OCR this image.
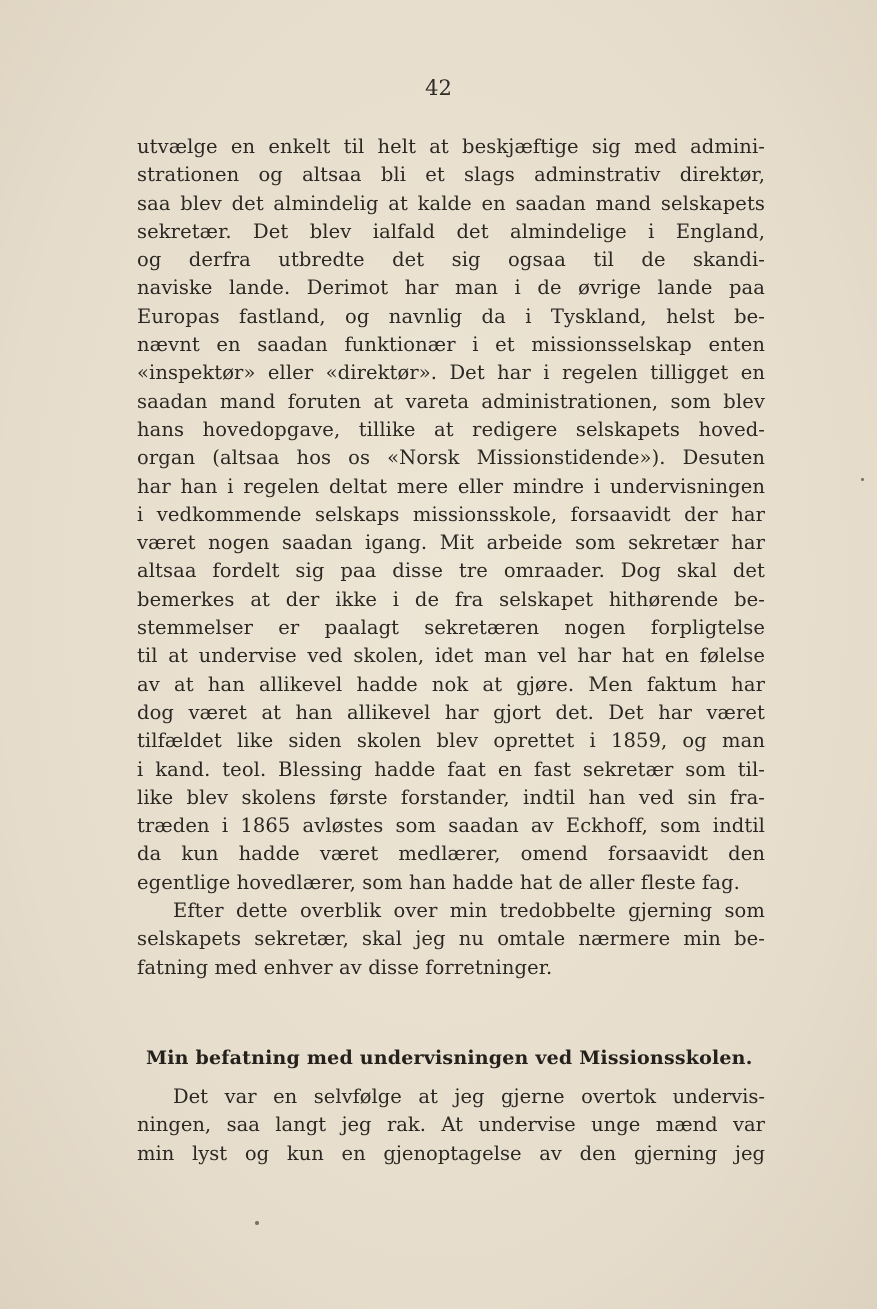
42
utvælge en enkelt til helt at beskjæftige sig med admini-
strationen og altsaa bli et slags adminstrativ direktør,
saa blev det almindelig at kalde en saadan mand selskapets
sekretær. Det blev ialfald det almindelige i England,
og derfra utbredte det sig ogsaa til de skandi-
naviske lande. Derimot har man i de øvrige lande paa
Europas fastland, og navnlig da i Tyskland, helst be-
nævnt en saadan funktionær i et missionsselskap enten
«inspektør» eller «direktør». Det har i regelen tilligget en
saadan mand foruten at vareta administrationen, som blev
hans hovedopgave, tillike at redigere selskapets hoved-
organ (altsaa hos os «Norsk Missionstidende»). Desuten
har han i regelen deltat mere eller mindre i undervisningen
i vedkommende selskaps missionsskole, forsaavidt der har
været nogen saadan igang. Mit arbeide som sekretær har
altsaa fordelt sig paa disse tre omraader. Dog skal det
bemerkes at der ikke i de fra selskapet hithørende be-
stemmelser er paalagt sekretæren nogen forpligtelse
til at undervise ved skolen, idet man vel har hat en følelse
av at han allikevel hadde nok at gjøre. Men faktum har
dog været at han allikevel har gjort det. Det har været
tilfældet like siden skolen blev oprettet i 1859, og man
i kand. teol. Blessing hadde faat en fast sekretær som til-
like blev skolens første forstander, indtil han ved sin fra-
træden i 1865 avløstes som saadan av Eckhoff, som indtil
da kun hadde været medlærer, omend forsaavidt den
egentlige hovedlærer, som han hadde hat de aller fleste fag.
Efter dette overblik over min tredobbelte gjerning som
selskapets sekretær, skal jeg nu omtale nærmere min be-
fatning med enhver av disse forretninger.
Min befatning med undervisningen ved Missionsskolen.
Det var en selvfølge at jeg gjerne overtok undervis-
ningen, saa langt jeg rak. At undervise unge mænd var
min lyst og kun en gjenoptagelse av den gjerning jeg
